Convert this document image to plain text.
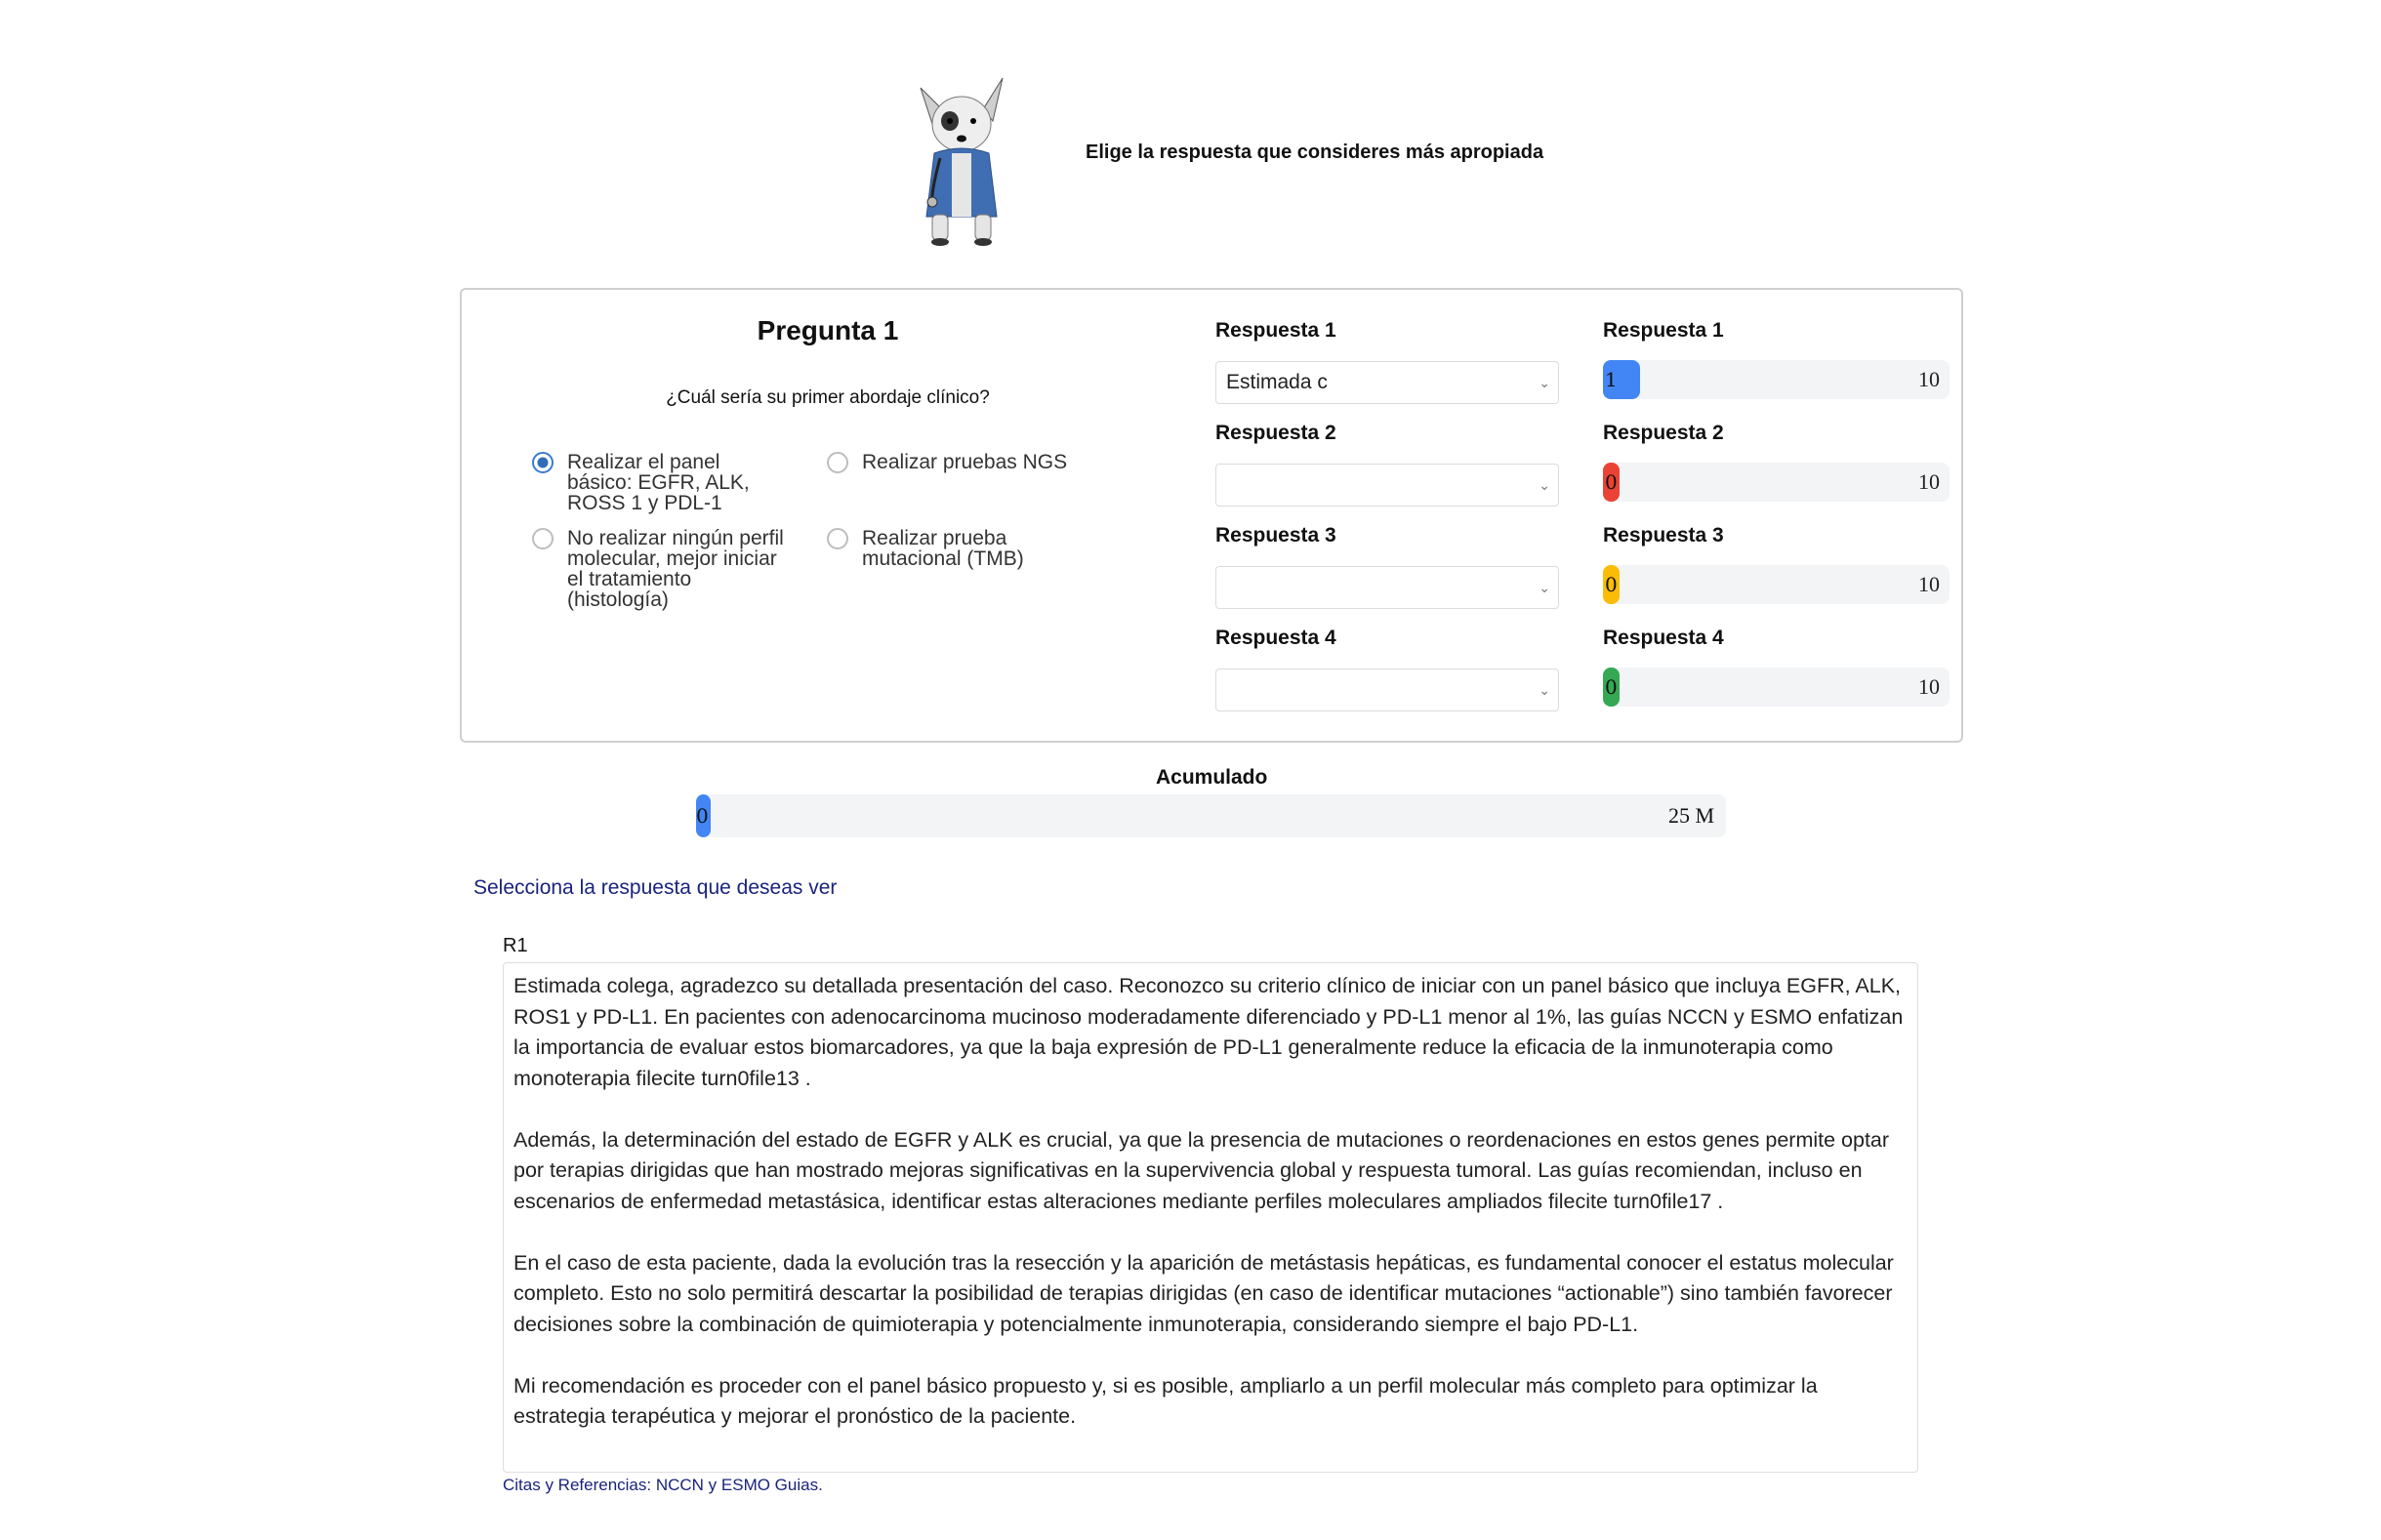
Elige la respuesta que consideres más apropiada
Pregunta 1
¿Cuál sería su primer abordaje clínico?
Realizar el panel básico: EGFR, ALK, ROSS 1 y PDL-1
Realizar pruebas NGS
No realizar ningún perfil molecular, mejor iniciar el tratamiento (histología)
Realizar prueba mutacional (TMB)
Respuesta 1
Estimada c	⌄
Respuesta 2
⌄
Respuesta 3
⌄
Respuesta 4
⌄
Respuesta 1
1	10
Respuesta 2
0	10
Respuesta 3
0	10
Respuesta 4
0	10
Acumulado
0	25 M
Selecciona la respuesta que deseas ver
R1
Estimada colega, agradezco su detallada presentación del caso. Reconozco su criterio clínico de iniciar con un panel básico que incluya EGFR, ALK, ROS1 y PD-L1. En pacientes con adenocarcinoma mucinoso moderadamente diferenciado y PD-L1 menor al 1%, las guías NCCN y ESMO enfatizan la importancia de evaluar estos biomarcadores, ya que la baja expresión de PD-L1 generalmente reduce la eficacia de la inmunoterapia como monoterapia filecite turn0file13 .

Además, la determinación del estado de EGFR y ALK es crucial, ya que la presencia de mutaciones o reordenaciones en estos genes permite optar por terapias dirigidas que han mostrado mejoras significativas en la supervivencia global y respuesta tumoral. Las guías recomiendan, incluso en escenarios de enfermedad metastásica, identificar estas alteraciones mediante perfiles moleculares ampliados filecite turn0file17 .

En el caso de esta paciente, dada la evolución tras la resección y la aparición de metástasis hepáticas, es fundamental conocer el estatus molecular completo. Esto no solo permitirá descartar la posibilidad de terapias dirigidas (en caso de identificar mutaciones “actionable”) sino también favorecer decisiones sobre la combinación de quimioterapia y potencialmente inmunoterapia, considerando siempre el bajo PD-L1.

Mi recomendación es proceder con el panel básico propuesto y, si es posible, ampliarlo a un perfil molecular más completo para optimizar la estrategia terapéutica y mejorar el pronóstico de la paciente.
Citas y Referencias: NCCN y ESMO Guias.
